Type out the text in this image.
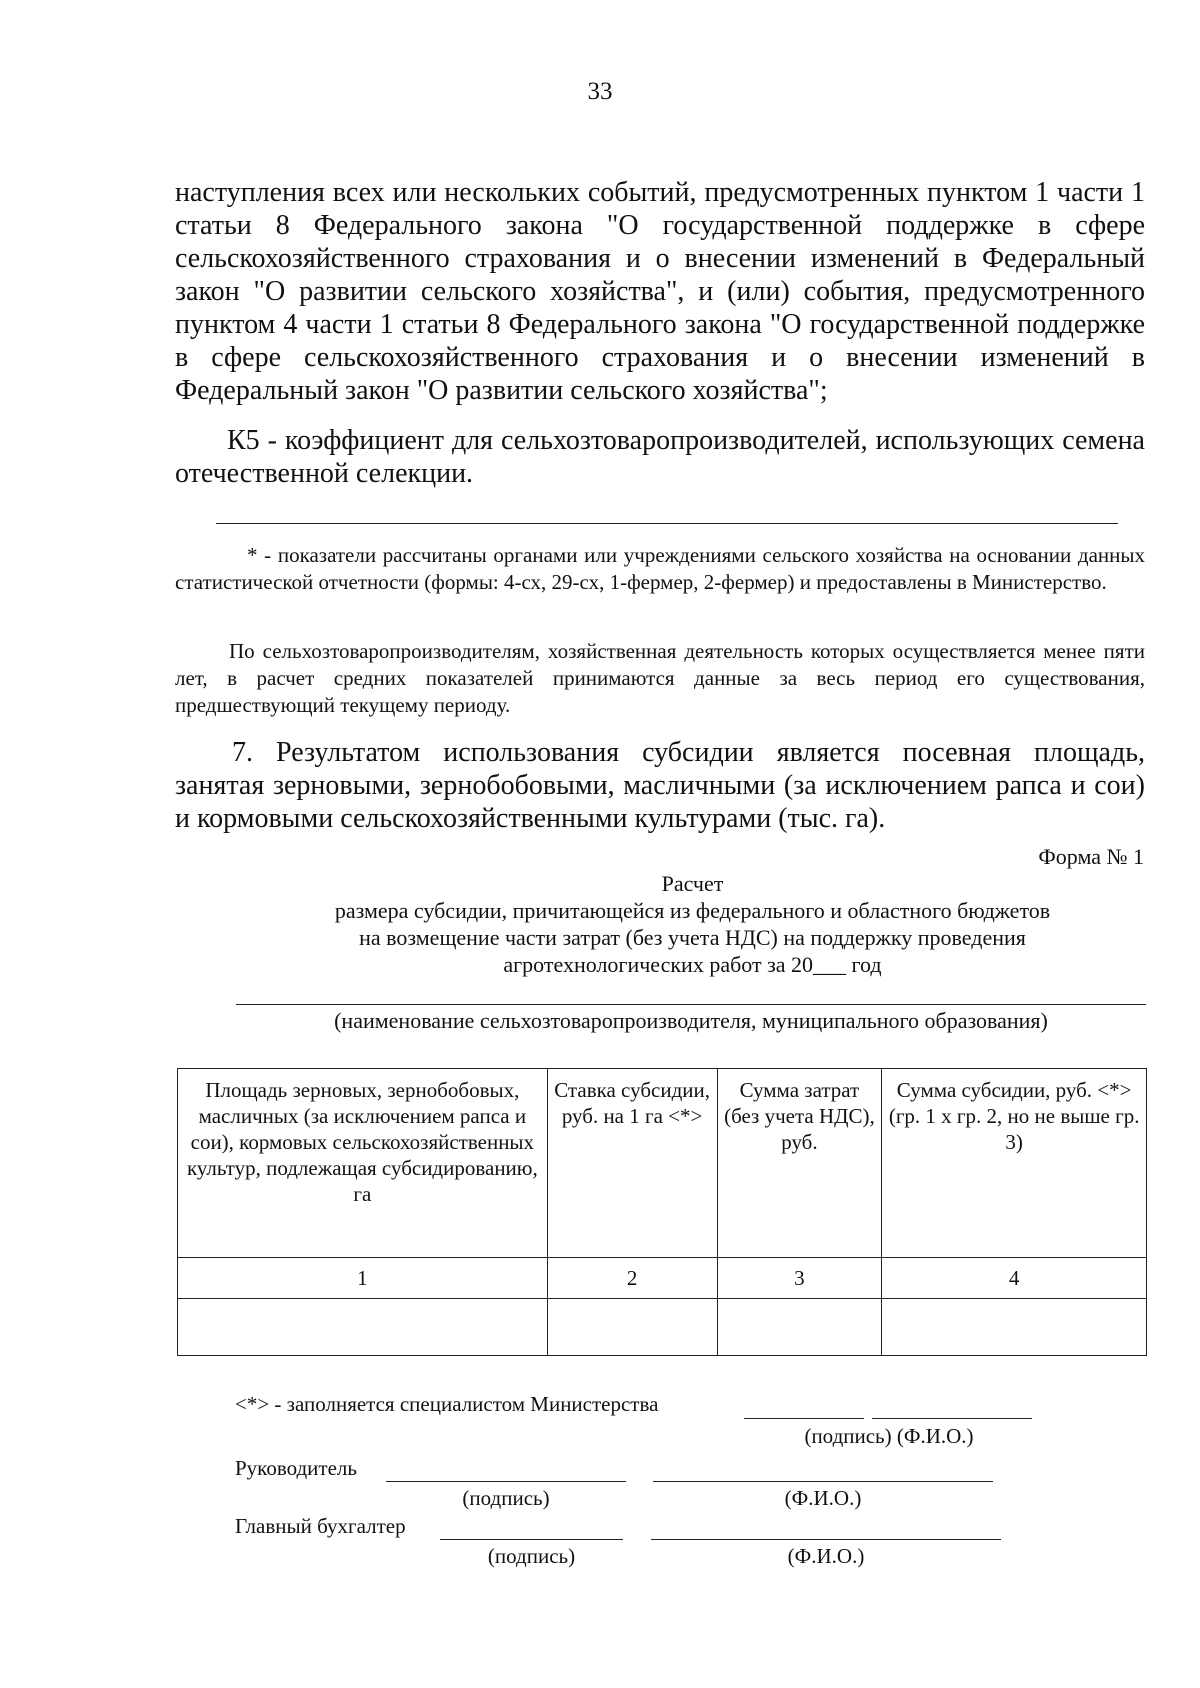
33
наступления всех или нескольких событий, предусмотренных пунктом 1 части 1 статьи 8 Федерального закона "О государственной поддержке в сфере сельскохозяйственного страхования и о внесении изменений в Федеральный закон "О развитии сельского хозяйства", и (или) события, предусмотренного пунктом 4 части 1 статьи 8 Федерального закона "О государственной поддержке в сфере сельскохозяйственного страхования и о внесении изменений в Федеральный закон "О развитии сельского хозяйства";
К5 - коэффициент для сельхозтоваропроизводителей, использующих семена отечественной селекции.
* - показатели рассчитаны органами или учреждениями сельского хозяйства на основании данных статистической отчетности (формы: 4-сх, 29-сх, 1-фермер, 2-фермер) и предоставлены в Министерство.
По сельхозтоваропроизводителям, хозяйственная деятельность которых осуществляется менее пяти лет, в расчет средних показателей принимаются данные за весь период его существования, предшествующий текущему периоду.
7. Результатом использования субсидии является посевная площадь, занятая зерновыми, зернобобовыми, масличными (за исключением рапса и сои) и кормовыми сельскохозяйственными культурами (тыс. га).
Форма № 1
Расчет
размера субсидии, причитающейся из федерального и областного бюджетов
на возмещение части затрат (без учета НДС) на поддержку проведения
агротехнологических работ за 20___ год
(наименование сельхозтоваропроизводителя, муниципального образования)
Площадь зерновых, зернобобовых, масличных (за исключением рапса и сои), кормовых сельскохозяйственных культур, подлежащая субсидированию, га	Ставка субсидии, руб. на 1 га <*>	Сумма затрат (без учета НДС), руб.	Сумма субсидии, руб. <*> (гр. 1 x гр. 2, но не выше гр. 3)
1	2	3	4

<*> - заполняется специалистом Министерства
(подпись) (Ф.И.О.)
Руководитель
(подпись)	(Ф.И.О.)
Главный бухгалтер
(подпись)	(Ф.И.О.)
